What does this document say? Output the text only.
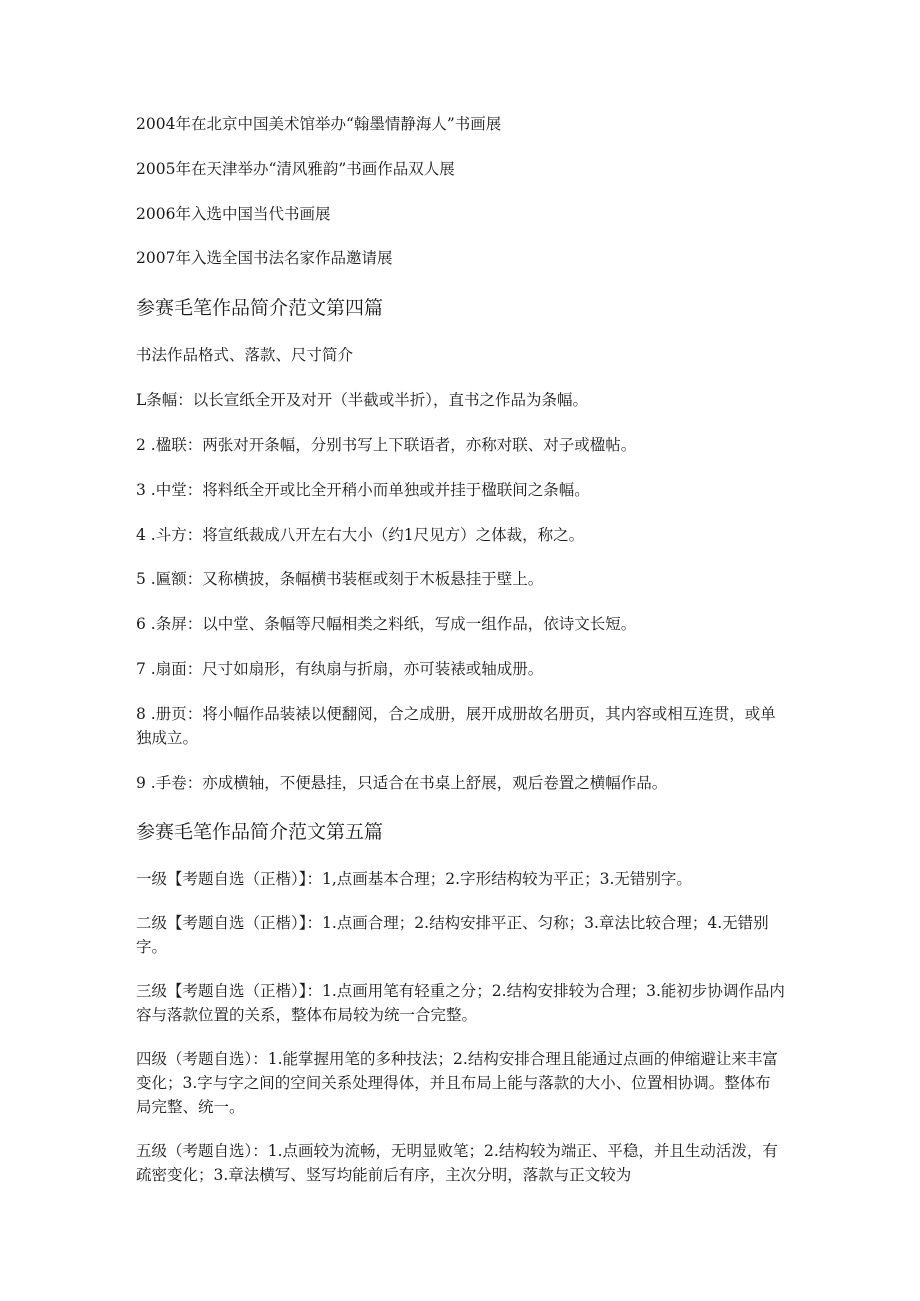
2004年在北京中国美术馆举办“翰墨情静海人”书画展
2005年在天津举办“清风雅韵”书画作品双人展
2006年入选中国当代书画展
2007年入选全国书法名家作品邀请展
参赛毛笔作品简介范文第四篇
书法作品格式、落款、尺寸简介
L条幅：以长宣纸全开及对开（半截或半折），直书之作品为条幅。
2 .楹联：两张对开条幅，分别书写上下联语者，亦称对联、对子或楹帖。
3 .中堂：将料纸全开或比全开稍小而单独或并挂于楹联间之条幅。
4 .斗方：将宣纸裁成八开左右大小（约1尺见方）之体裁，称之。
5 .匾额：又称横披，条幅横书装框或刻于木板悬挂于壁上。
6 .条屏：以中堂、条幅等尺幅相类之料纸，写成一组作品，依诗文长短。
7 .扇面：尺寸如扇形，有纨扇与折扇，亦可装裱或轴成册。
8 .册页：将小幅作品装裱以便翻阅，合之成册，展开成册故名册页，其内容或相互连贯，或单独成立。
9 .手卷：亦成横轴，不便悬挂，只适合在书桌上舒展，观后卷置之横幅作品。
参赛毛笔作品简介范文第五篇
一级【考题自选（正楷）】：1,点画基本合理；2.字形结构较为平正；3.无错别字。
二级【考题自选（正楷）】：1.点画合理；2.结构安排平正、匀称；3.章法比较合理；4.无错别字。
三级【考题自选（正楷）】：1.点画用笔有轻重之分；2.结构安排较为合理；3.能初步协调作品内容与落款位置的关系，整体布局较为统一合完整。
四级（考题自选）：1.能掌握用笔的多种技法；2.结构安排合理且能通过点画的伸缩避让来丰富变化；3.字与字之间的空间关系处理得体，并且布局上能与落款的大小、位置相协调。整体布局完整、统一。
五级（考题自选）：1.点画较为流畅，无明显败笔；2.结构较为端正、平稳，并且生动活泼，有疏密变化；3.章法横写、竖写均能前后有序，主次分明，落款与正文较为
